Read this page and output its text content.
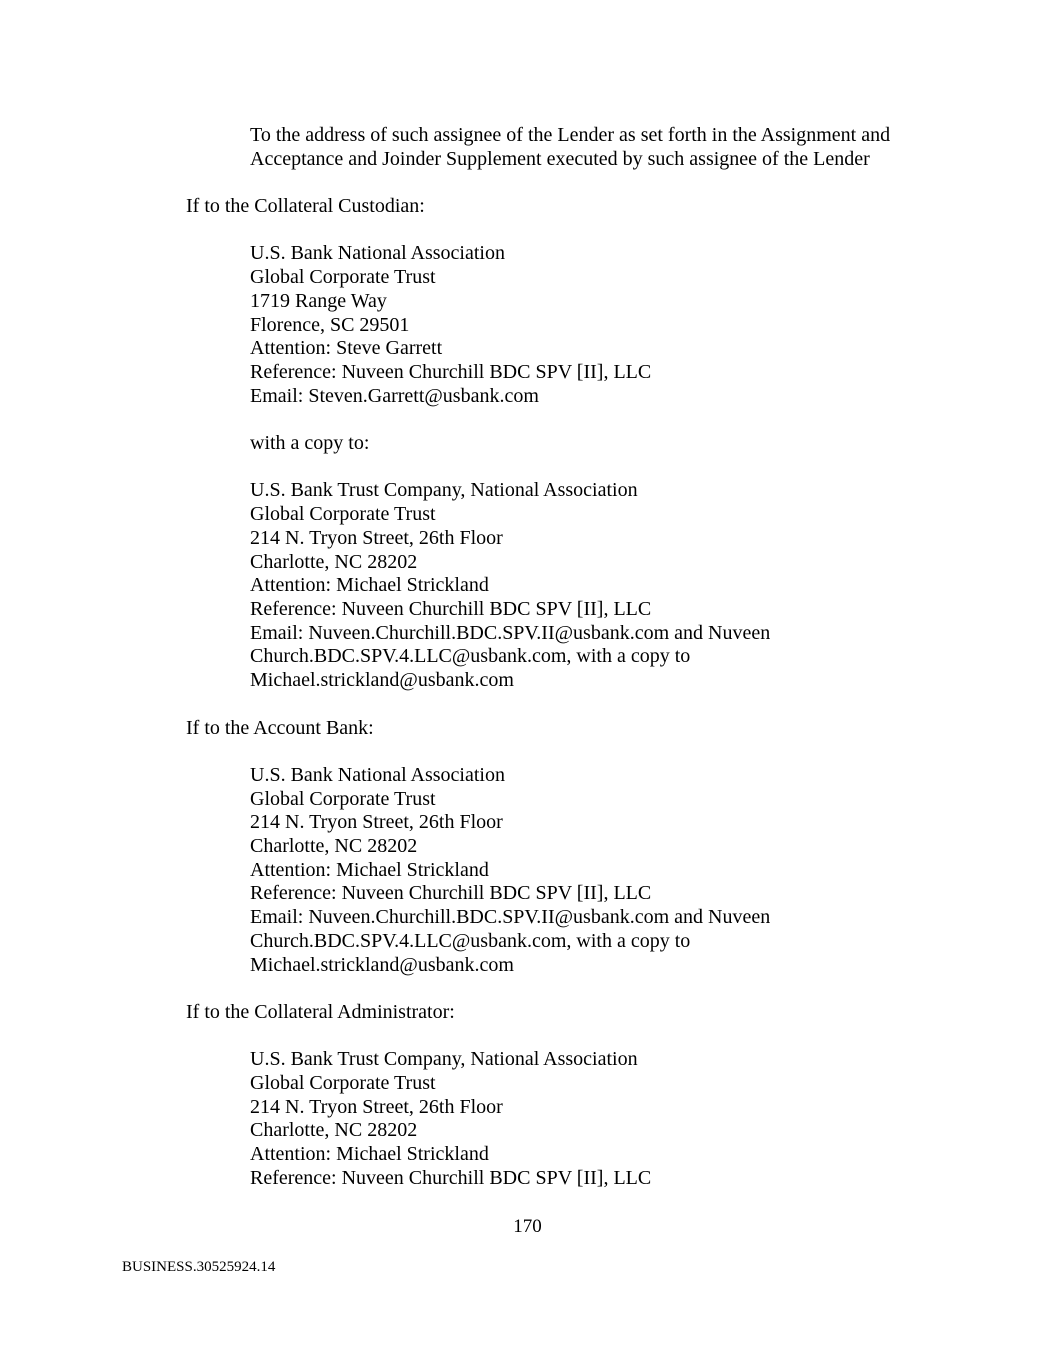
To the address of such assignee of the Lender as set forth in the Assignment and
Acceptance and Joinder Supplement executed by such assignee of the Lender
If to the Collateral Custodian:
U.S. Bank National Association
Global Corporate Trust
1719 Range Way
Florence, SC 29501
Attention: Steve Garrett
Reference: Nuveen Churchill BDC SPV [II], LLC
Email: Steven.Garrett@usbank.com
with a copy to:
U.S. Bank Trust Company, National Association
Global Corporate Trust
214 N. Tryon Street, 26th Floor
Charlotte, NC 28202
Attention: Michael Strickland
Reference: Nuveen Churchill BDC SPV [II], LLC
Email: Nuveen.Churchill.BDC.SPV.II@usbank.com and Nuveen
Church.BDC.SPV.4.LLC@usbank.com, with a copy to
Michael.strickland@usbank.com
If to the Account Bank:
U.S. Bank National Association
Global Corporate Trust
214 N. Tryon Street, 26th Floor
Charlotte, NC 28202
Attention: Michael Strickland
Reference: Nuveen Churchill BDC SPV [II], LLC
Email: Nuveen.Churchill.BDC.SPV.II@usbank.com and Nuveen
Church.BDC.SPV.4.LLC@usbank.com, with a copy to
Michael.strickland@usbank.com
If to the Collateral Administrator:
U.S. Bank Trust Company, National Association
Global Corporate Trust
214 N. Tryon Street, 26th Floor
Charlotte, NC 28202
Attention: Michael Strickland
Reference: Nuveen Churchill BDC SPV [II], LLC
170
BUSINESS.30525924.14
